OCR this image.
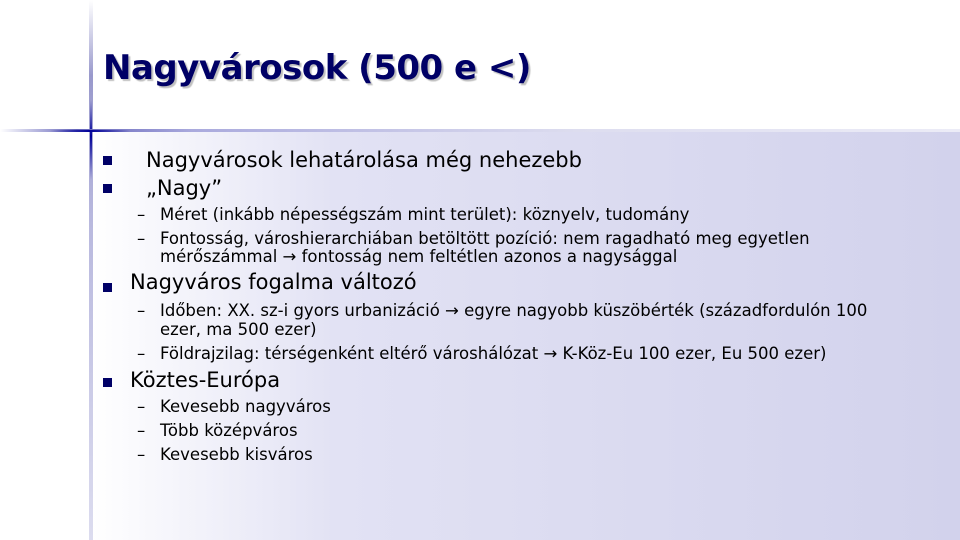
Nagyvárosok (500 e <)
Nagyvárosok lehatárolása még nehezebb
„Nagy”
– Méret (inkább népességszám mint terület): köznyelv, tudomány
– Fontosság, városhierarchiában betöltött pozíció: nem ragadható meg egyetlen
mérőszámmal → fontosság nem feltétlen azonos a nagysággal
Nagyváros fogalma változó
– Időben: XX. sz-i gyors urbanizáció → egyre nagyobb küszöbérték (századfordulón 100
ezer, ma 500 ezer)
– Földrajzilag: térségenként eltérő városhálózat → K-Köz-Eu 100 ezer, Eu 500 ezer)
Köztes-Európa
– Kevesebb nagyváros
– Több középváros
– Kevesebb kisváros
